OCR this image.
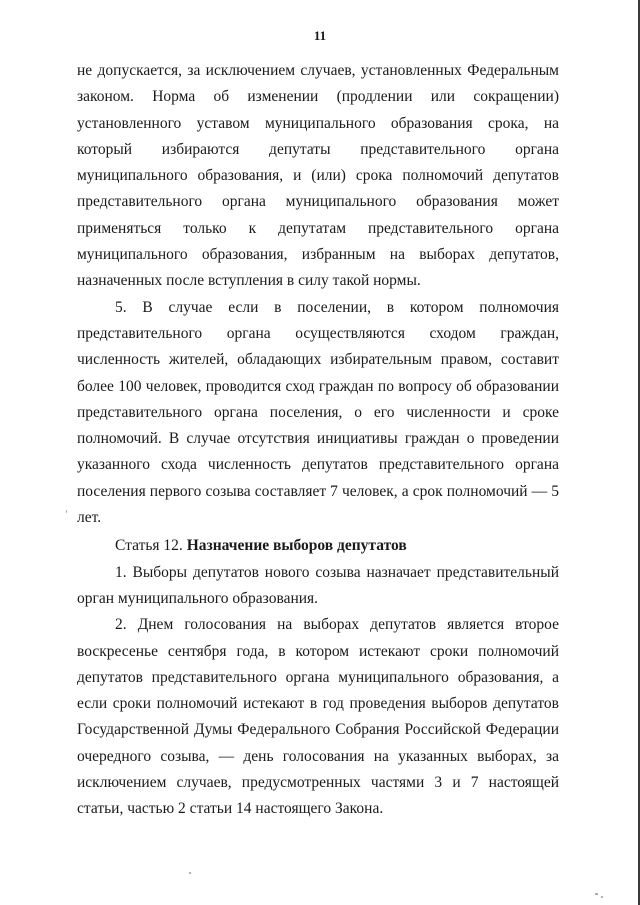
11

не допускается, за исключением случаев, установленных Федеральным законом. Норма об изменении (продлении или сокращении) установленного уставом муниципального образования срока, на который избираются депутаты представительного органа муниципального образования, и (или) срока полномочий депутатов представительного органа муниципального образования может применяться только к депутатам представительного органа муниципального образования, избранным на выборах депутатов, назначенных после вступления в силу такой нормы.

5. В случае если в поселении, в котором полномочия представительного органа осуществляются сходом граждан, численность жителей, обладающих избирательным правом, составит более 100 человек, проводится сход граждан по вопросу об образовании представительного органа поселения, о его численности и сроке полномочий. В случае отсутствия инициативы граждан о проведении указанного схода численность депутатов представительного органа поселения первого созыва составляет 7 человек, а срок полномочий — 5 лет.

Статья 12. Назначение выборов депутатов

1. Выборы депутатов нового созыва назначает представительный орган муниципального образования.

2. Днем голосования на выборах депутатов является второе воскресенье сентября года, в котором истекают сроки полномочий депутатов представительного органа муниципального образования, а если сроки полномочий истекают в год проведения выборов депутатов Государственной Думы Федерального Собрания Российской Федерации очередного созыва, — день голосования на указанных выборах, за исключением случаев, предусмотренных частями 3 и 7 настоящей статьи, частью 2 статьи 14 настоящего Закона.
